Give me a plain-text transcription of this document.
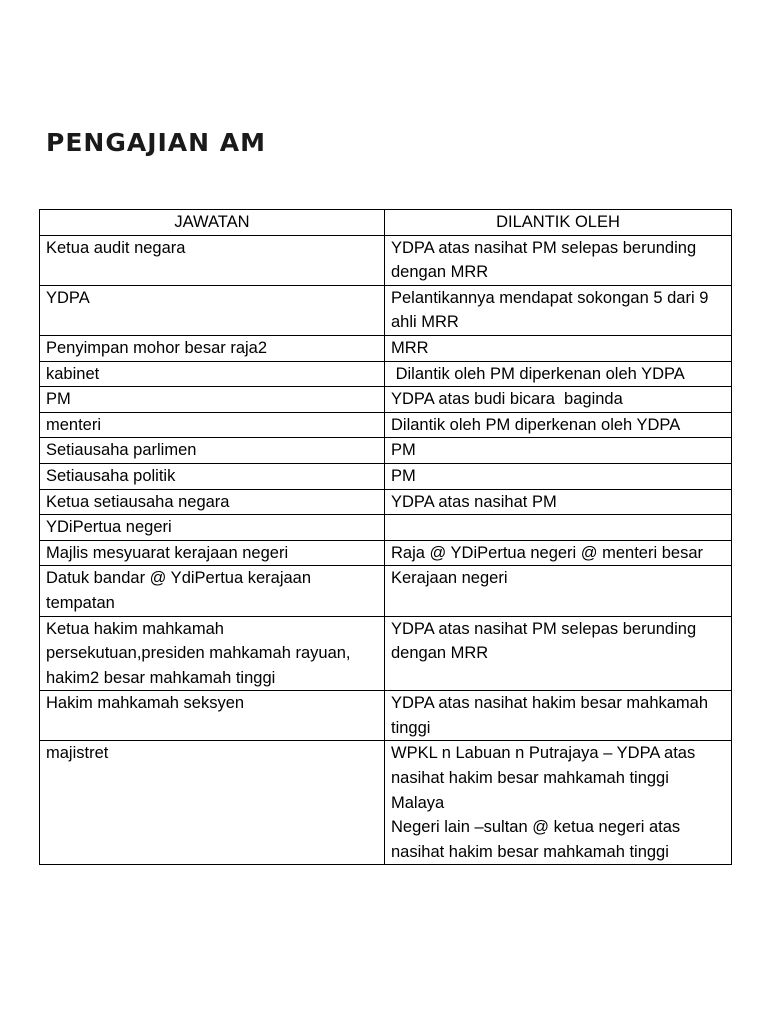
PENGAJIAN AM
JAWATAN	DILANTIK OLEH

Ketua audit negara	YDPA atas nasihat PM selepas berunding dengan MRR

YDPA	Pelantikannya mendapat sokongan 5 dari 9 ahli MRR

Penyimpan mohor besar raja2	MRR

kabinet	Dilantik oleh PM diperkenan oleh YDPA

PM	YDPA atas budi bicara  baginda

menteri	Dilantik oleh PM diperkenan oleh YDPA

Setiausaha parlimen	PM

Setiausaha politik	PM

Ketua setiausaha negara	YDPA atas nasihat PM

YDiPertua negeri

Majlis mesyuarat kerajaan negeri	Raja @ YDiPertua negeri @ menteri besar

Datuk bandar @ YdiPertua kerajaan tempatan	Kerajaan negeri

Ketua hakim mahkamah persekutuan,presiden mahkamah rayuan, hakim2 besar mahkamah tinggi	YDPA atas nasihat PM selepas berunding dengan MRR

Hakim mahkamah seksyen	YDPA atas nasihat hakim besar mahkamah tinggi

majistret	WPKL n Labuan n Putrajaya – YDPA atas nasihat hakim besar mahkamah tinggi Malaya
Negeri lain –sultan @ ketua negeri atas nasihat hakim besar mahkamah tinggi
